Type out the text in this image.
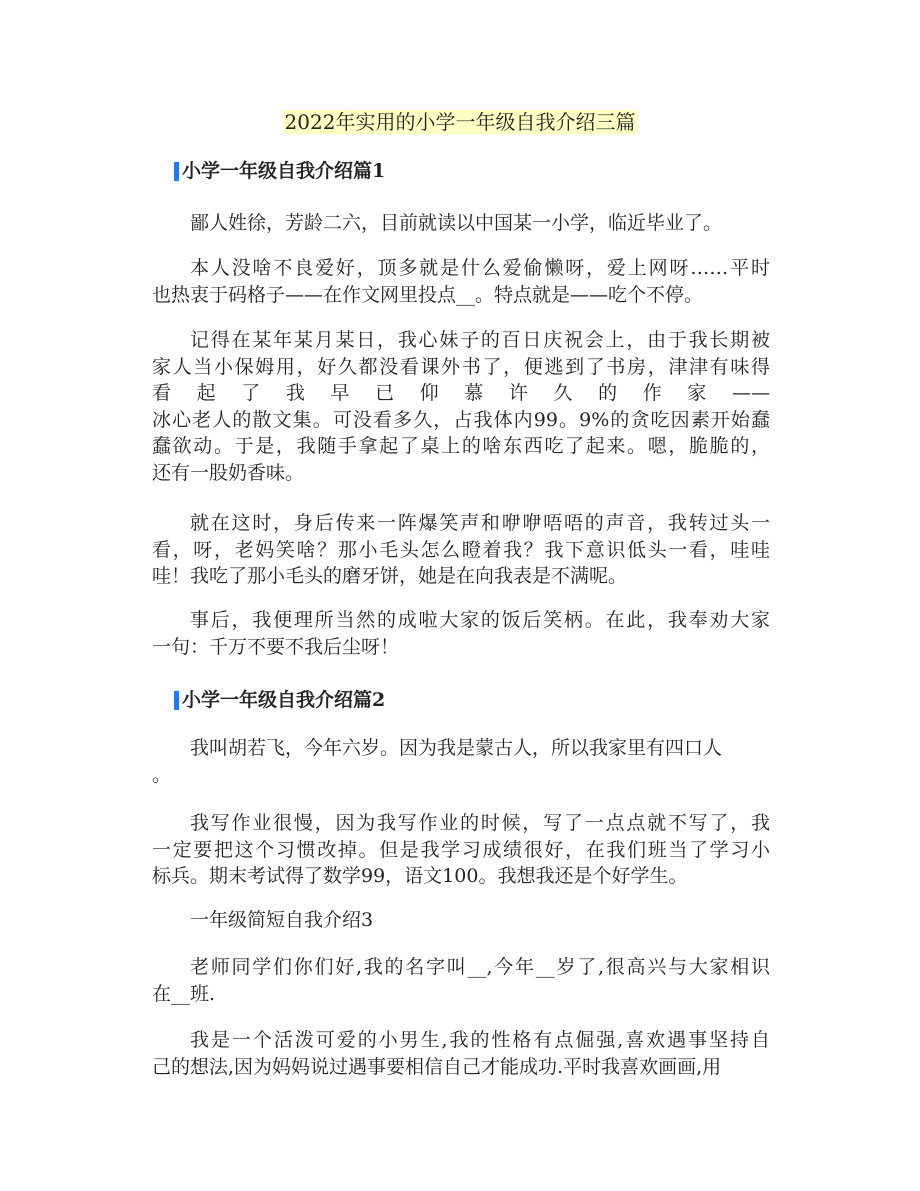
2022年实用的小学一年级自我介绍三篇
小学一年级自我介绍篇1
小学一年级自我介绍篇2
鄙人姓徐，芳龄二六，目前就读以中国某一小学，临近毕业了。
本人没啥不良爱好，顶多就是什么爱偷懒呀，爱上网呀……平时
也热衷于码格子——在作文网里投点__。特点就是——吃个不停。
记得在某年某月某日，我心妹子的百日庆祝会上，由于我长期被
家人当小保姆用，好久都没看课外书了，便逃到了书房，津津有味得
看起了我早已仰慕许久的作家——
冰心老人的散文集。可没看多久，占我体内99。9%的贪吃因素开始蠢
蠢欲动。于是，我随手拿起了桌上的啥东西吃了起来。嗯，脆脆的，
还有一股奶香味。
就在这时，身后传来一阵爆笑声和咿咿唔唔的声音，我转过头一
看，呀，老妈笑啥？那小毛头怎么瞪着我？我下意识低头一看，哇哇
哇！我吃了那小毛头的磨牙饼，她是在向我表是不满呢。
事后，我便理所当然的成啦大家的饭后笑柄。在此，我奉劝大家
一句：千万不要不我后尘呀！
我叫胡若飞，今年六岁。因为我是蒙古人，所以我家里有四口人
。
我写作业很慢，因为我写作业的时候，写了一点点就不写了，我
一定要把这个习惯改掉。但是我学习成绩很好，在我们班当了学习小
标兵。期末考试得了数学99，语文100。我想我还是个好学生。
一年级简短自我介绍3
老师同学们你们好,我的名字叫__,今年__岁了,很高兴与大家相识
在__班.
我是一个活泼可爱的小男生,我的性格有点倔强,喜欢遇事坚持自
己的想法,因为妈妈说过遇事要相信自己才能成功.平时我喜欢画画,用
